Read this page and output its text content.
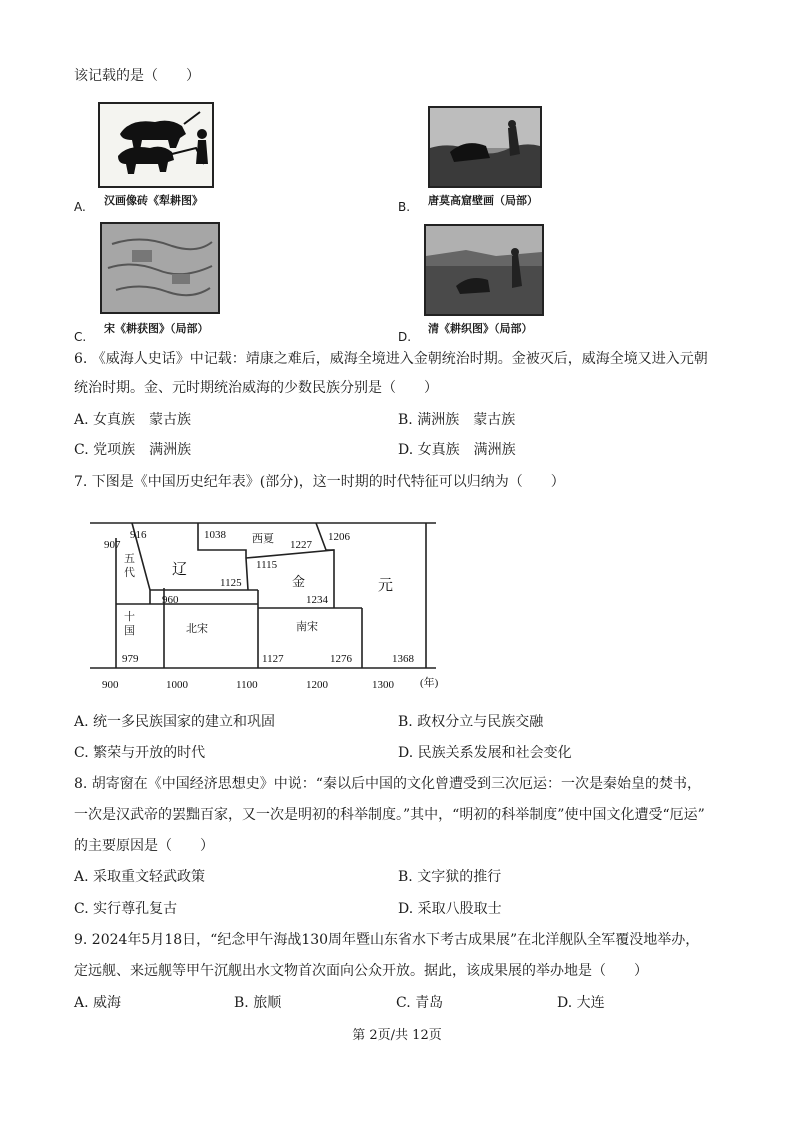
该记载的是（　　）
A. 汉画像砖《犁耕图》	B. 唐莫高窟壁画（局部）
C.
宋《耕获图》（局部）
D.
清《耕织图》（局部）
6. 《威海人史话》中记载：靖康之难后，威海全境进入金朝统治时期。金被灭后，威海全境又进入元朝
统治时期。金、元时期统治威海的少数民族分别是（　　）
A. 女真族　蒙古族	B. 满洲族　蒙古族
C. 党项族　满洲族	D. 女真族　满洲族
7. 下图是《中国历史纪年表》(部分)，这一时期的时代特征可以归纳为（　　）
907
916	1038 西夏 1227
1206
辽	1115
1125	金	元
960	1234
北宋	南宋
979	1127	1276	1368
900	1000	1100	1200	1300 (年)
五代
十国
A. 统一多民族国家的建立和巩固	B. 政权分立与民族交融
C. 繁荣与开放的时代	D. 民族关系发展和社会变化
8. 胡寄窗在《中国经济思想史》中说：“秦以后中国的文化曾遭受到三次厄运：一次是秦始皇的焚书，
一次是汉武帝的罢黜百家，又一次是明初的科举制度。”其中，“明初的科举制度”使中国文化遭受“厄运”
的主要原因是（　　）
A. 采取重文轻武政策	B. 文字狱的推行
C. 实行尊孔复古	D. 采取八股取士
9. 2024年5月18日，“纪念甲午海战130周年暨山东省水下考古成果展”在北洋舰队全军覆没地举办，
定远舰、来远舰等甲午沉舰出水文物首次面向公众开放。据此，该成果展的举办地是（　　）
A. 威海	B. 旅顺	C. 青岛	D. 大连
第 2页/共 12页
